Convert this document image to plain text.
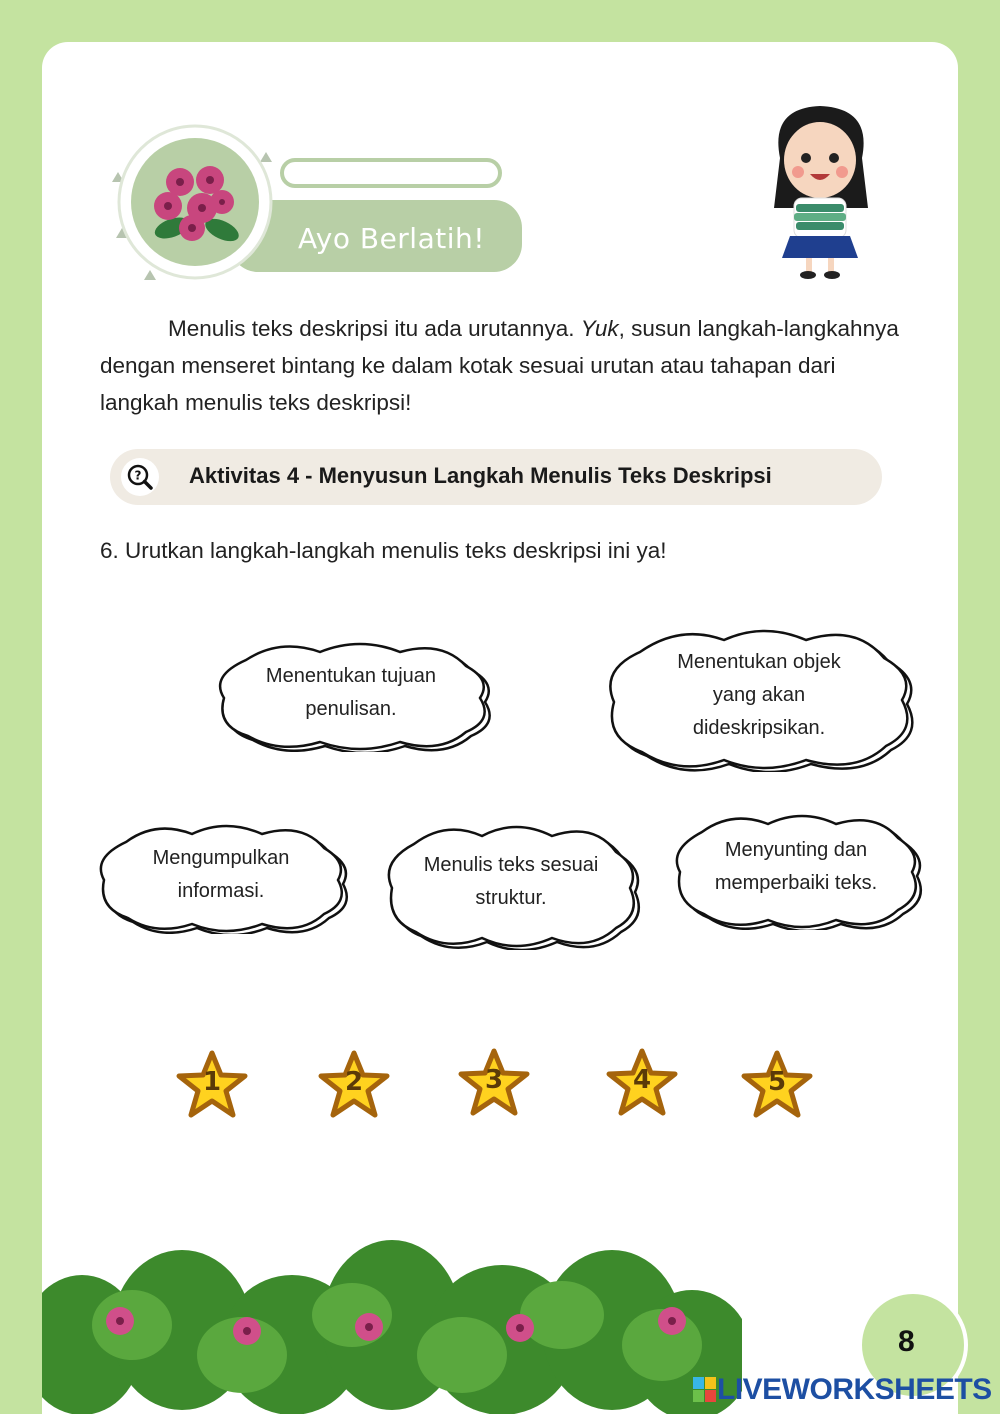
Ayo Berlatih!
Menulis teks deskripsi itu ada urutannya. Yuk, susun langkah-langkahnya dengan menseret bintang ke dalam kotak sesuai urutan atau tahapan dari langkah menulis teks deskripsi!
? Aktivitas 4 - Menyusun Langkah Menulis Teks Deskripsi
6. Urutkan langkah-langkah menulis teks deskripsi ini ya!
Menentukan tujuan penulisan.
Menentukan objek yang akan dideskripsikan.
Mengumpulkan informasi.
Menulis teks sesuai struktur.
Menyunting dan memperbaiki teks.
1	2	3	4	5
8
LIVEWORKSHEETS
